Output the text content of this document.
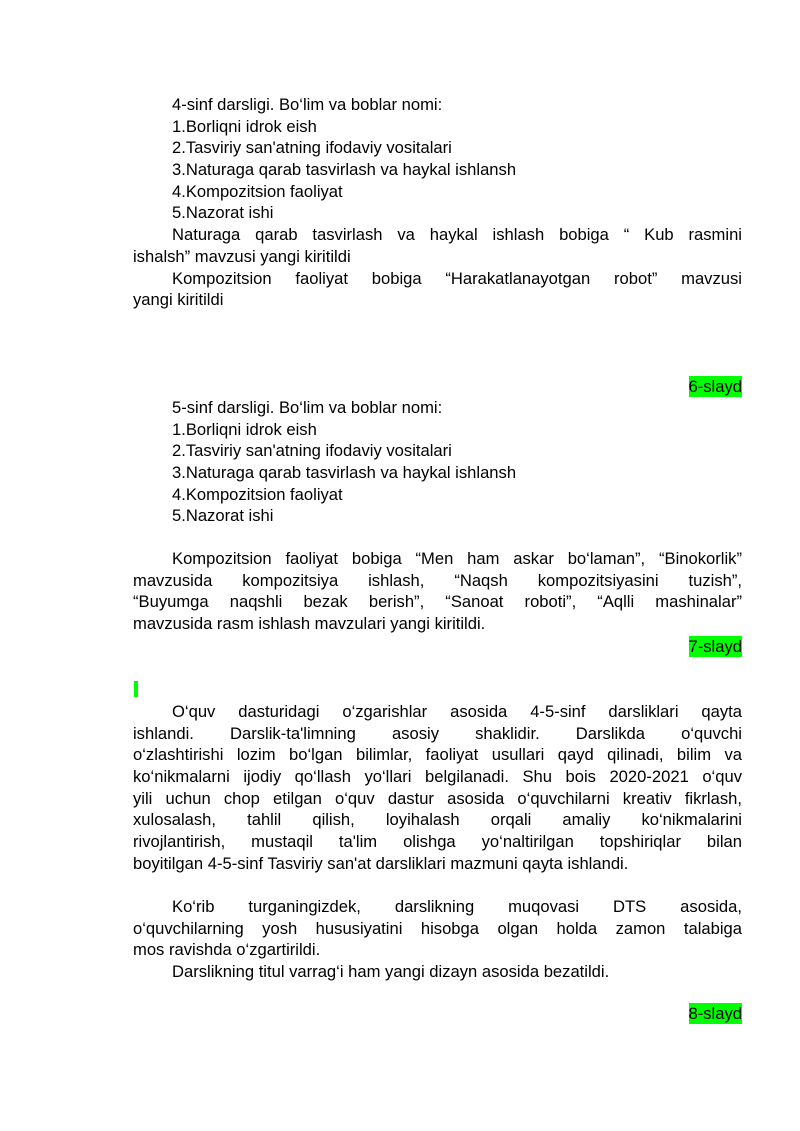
4-sinf darsligi. Bo‘lim va boblar nomi:
1.Borliqni idrok eish
2.Tasviriy san'atning ifodaviy vositalari
3.Naturaga qarab tasvirlash va haykal ishlansh
4.Kompozitsion faoliyat
5.Nazorat ishi
Naturaga qarab tasvirlash va haykal ishlash bobiga “ Kub rasmini
ishalsh” mavzusi yangi kiritildi
Kompozitsion faoliyat bobiga “Harakatlanayotgan robot” mavzusi
yangi kiritildi
6-slayd
5-sinf darsligi. Bo‘lim va boblar nomi:
1.Borliqni idrok eish
2.Tasviriy san'atning ifodaviy vositalari
3.Naturaga qarab tasvirlash va haykal ishlansh
4.Kompozitsion faoliyat
5.Nazorat ishi
Kompozitsion faoliyat bobiga “Men ham askar bo‘laman”, “Binokorlik”
mavzusida kompozitsiya ishlash, “Naqsh kompozitsiyasini tuzish”,
“Buyumga naqshli bezak berish”, “Sanoat roboti”, “Aqlli mashinalar”
mavzusida rasm ishlash mavzulari yangi kiritildi.
7-slayd
O‘quv dasturidagi o‘zgarishlar asosida 4-5-sinf darsliklari qayta
ishlandi. Darslik-ta'limning asosiy shaklidir. Darslikda o‘quvchi
o‘zlashtirishi lozim bo‘lgan bilimlar, faoliyat usullari qayd qilinadi, bilim va
ko‘nikmalarni ijodiy qo‘llash yo‘llari belgilanadi. Shu bois 2020-2021 o‘quv
yili uchun chop etilgan o‘quv dastur asosida o‘quvchilarni kreativ fikrlash,
xulosalash, tahlil qilish, loyihalash orqali amaliy ko‘nikmalarini
rivojlantirish, mustaqil ta'lim olishga yo‘naltirilgan topshiriqlar bilan
boyitilgan 4-5-sinf Tasviriy san'at darsliklari mazmuni qayta ishlandi.
Ko‘rib turganingizdek, darslikning muqovasi DTS asosida,
o‘quvchilarning yosh hususiyatini hisobga olgan holda zamon talabiga
mos ravishda o‘zgartirildi.
Darslikning titul varrag‘i ham yangi dizayn asosida bezatildi.
8-slayd
